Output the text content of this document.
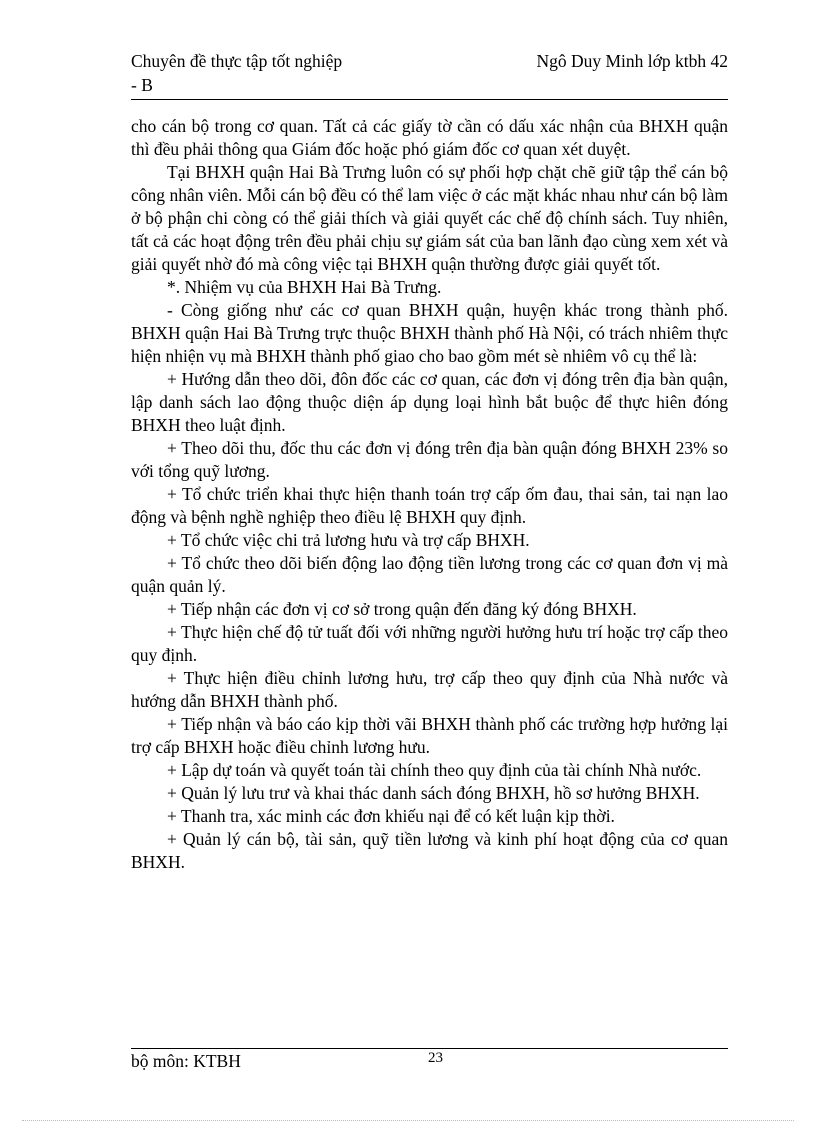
Chuyên đề thực tập tốt nghiệp	Ngô Duy Minh lớp ktbh 42
- B

cho cán bộ trong cơ quan. Tất cả các giấy tờ cần có dấu xác nhận của BHXH quận thì đều phải thông qua Giám đốc hoặc phó giám đốc cơ quan xét duyệt.

Tại BHXH quận Hai Bà Trưng luôn có sự phối hợp chặt chẽ giữ tập thể cán bộ công nhân viên. Mỗi cán bộ đều có thể lam việc ở các mặt khác nhau như cán bộ làm ở bộ phận chi còng có thể giải thích và giải quyết các chế độ chính sách. Tuy nhiên, tất cả các hoạt động trên đều phải chịu sự giám sát của ban lãnh đạo cùng xem xét và giải quyết nhờ đó mà công việc tại BHXH quận thường được giải quyết tốt.

*. Nhiệm vụ của BHXH Hai Bà Trưng.

- Còng giống như các cơ quan BHXH quận, huyện khác trong thành phố. BHXH quận Hai Bà Trưng trực thuộc BHXH thành phố Hà Nội, có trách nhiêm thực hiện nhiện vụ mà BHXH thành phố giao cho bao gồm mét sè nhiêm vô cụ thể là:

+ Hướng dẫn theo dõi, đôn đốc các cơ quan, các đơn vị đóng trên địa bàn quận, lập danh sách lao động thuộc diện áp dụng loại hình bắt buộc để thực hiên đóng BHXH theo luật định.

+ Theo dõi thu, đốc thu các đơn vị đóng trên địa bàn quận đóng BHXH 23% so với tổng quỹ lương.

+ Tổ chức triển khai thực hiện thanh toán trợ cấp ốm đau, thai sản, tai nạn lao động và bệnh nghề nghiệp theo điều lệ BHXH quy định.

+ Tổ chức việc chi trả lương hưu và trợ cấp BHXH.

+ Tổ chức theo dõi biến động lao động tiền lương trong các cơ quan đơn vị mà quận quản lý.

+ Tiếp nhận các đơn vị cơ sở trong quận đến đăng ký đóng BHXH.

+ Thực hiện chế độ tử tuất đối với những người hưởng hưu trí hoặc trợ cấp theo quy định.

+ Thực hiện điều chỉnh lương hưu, trợ cấp theo quy định của Nhà nước và hướng dẫn BHXH thành phố.

+ Tiếp nhận và báo cáo kịp thời vãi BHXH thành phố các trường hợp hưởng lại trợ cấp BHXH hoặc điều chỉnh lương hưu.

+ Lập dự toán và quyết toán tài chính theo quy định của tài chính Nhà nước.

+ Quản lý lưu trư và khai thác danh sách đóng BHXH, hồ sơ hưởng BHXH.

+ Thanh tra, xác minh các đơn khiếu nại để có kết luận kịp thời.

+ Quản lý cán bộ, tài sản, quỹ tiền lương và kinh phí hoạt động của cơ quan BHXH.

bộ môn: KTBH	23
